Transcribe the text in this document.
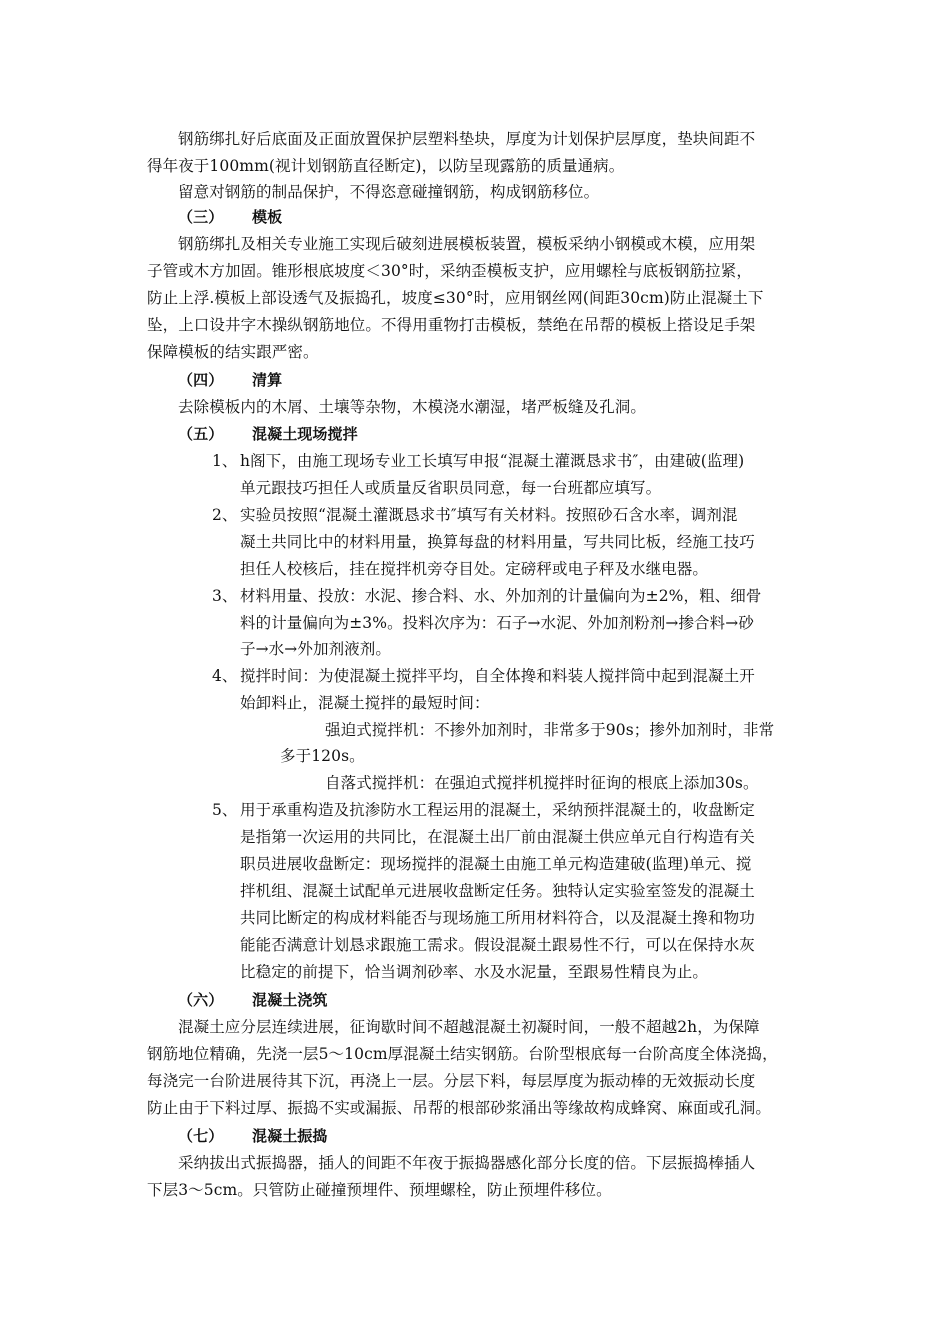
钢筋绑扎好后底面及正面放置保护层塑料垫块，厚度为计划保护层厚度，垫块间距不
得年夜于100mm(视计划钢筋直径断定)，以防呈现露筋的质量通病。
留意对钢筋的制品保护，不得恣意碰撞钢筋，构成钢筋移位。
（三） 模板
钢筋绑扎及相关专业施工实现后破刻进展模板装置，模板采纳小钢模或木模，应用架
子管或木方加固。锥形根底坡度＜30°时，采纳歪模板支护，应用螺栓与底板钢筋拉紧，
防止上浮.模板上部设透气及振捣孔，坡度≤30°时，应用钢丝网(间距30cm)防止混凝土下
坠，上口设井字木操纵钢筋地位。不得用重物打击模板，禁绝在吊帮的模板上搭设足手架
保障模板的结实跟严密。
（四） 清算
去除模板内的木屑、土壤等杂物，木模浇水潮湿，堵严板缝及孔洞。
（五） 混凝土现场搅拌
1、 h阁下，由施工现场专业工长填写申报“混凝土灌溉恳求书″，由建破(监理)
单元跟技巧担任人或质量反省职员同意，每一台班都应填写。
2、 实验员按照“混凝土灌溉恳求书″填写有关材料。按照砂石含水率，调剂混
凝土共同比中的材料用量，换算每盘的材料用量，写共同比板，经施工技巧
担任人校核后，挂在搅拌机旁夺目处。定磅秤或电子秤及水继电器。
3、 材料用量、投放：水泥、掺合料、水、外加剂的计量偏向为±2%，粗、细骨
料的计量偏向为±3%。投料次序为：石子→水泥、外加剂粉剂→掺合料→砂
子→水→外加剂液剂。
4、 搅拌时间：为使混凝土搅拌平均，自全体搀和料装人搅拌筒中起到混凝土开
始卸料止，混凝土搅拌的最短时间：
强迫式搅拌机：不掺外加剂时，非常多于90s；掺外加剂时，非常
多于120s。
自落式搅拌机：在强迫式搅拌机搅拌时征询的根底上添加30s。
5、 用于承重构造及抗渗防水工程运用的混凝土，采纳预拌混凝土的，收盘断定
是指第一次运用的共同比，在混凝土出厂前由混凝土供应单元自行构造有关
职员进展收盘断定：现场搅拌的混凝土由施工单元构造建破(监理)单元、搅
拌机组、混凝土试配单元进展收盘断定任务。独特认定实验室签发的混凝土
共同比断定的构成材料能否与现场施工所用材料符合，以及混凝土搀和物功
能能否满意计划恳求跟施工需求。假设混凝土跟易性不行，可以在保持水灰
比稳定的前提下，恰当调剂砂率、水及水泥量，至跟易性精良为止。
（六） 混凝土浇筑
混凝土应分层连续进展，征询歇时间不超越混凝土初凝时间，一般不超越2h，为保障
钢筋地位精确，先浇一层5～10cm厚混凝土结实钢筋。台阶型根底每一台阶高度全体浇捣，
每浇完一台阶进展待其下沉，再浇上一层。分层下料，每层厚度为振动棒的无效振动长度
防止由于下料过厚、振捣不实或漏振、吊帮的根部砂浆涌出等缘故构成蜂窝、麻面或孔洞。
（七） 混凝土振捣
采纳拔出式振捣器，插人的间距不年夜于振捣器感化部分长度的倍。下层振捣棒插人
下层3～5cm。只管防止碰撞预埋件、预埋螺栓，防止预埋件移位。
